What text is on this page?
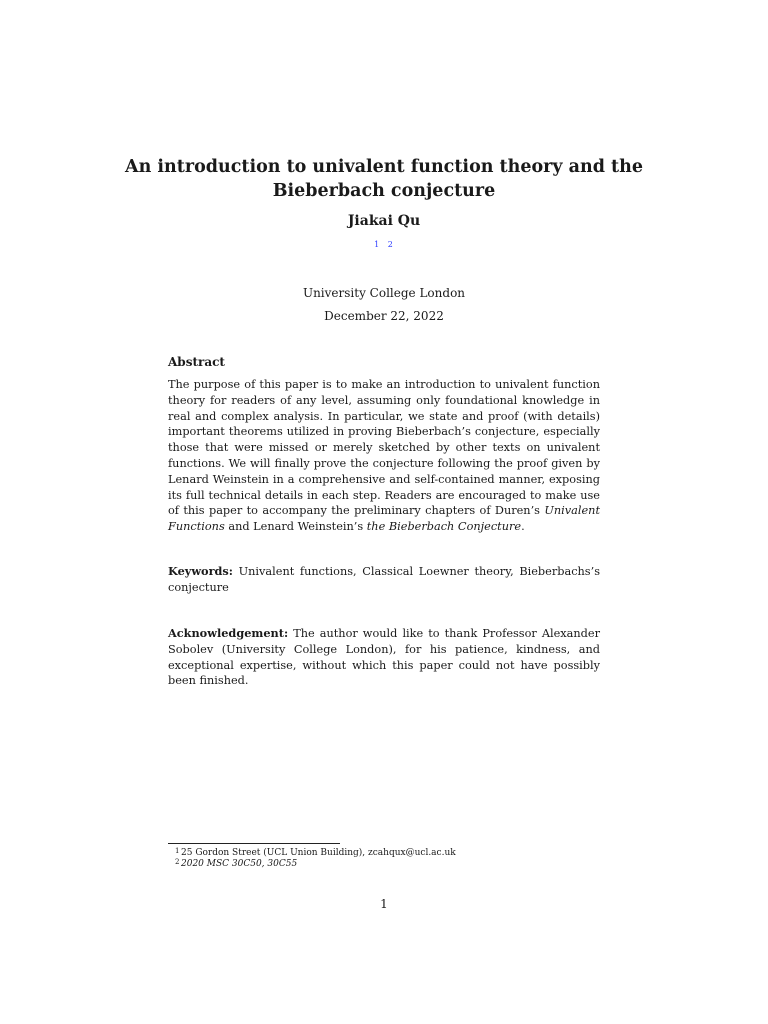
An introduction to univalent function theory and the Bieberbach conjecture
Jiakai Qu
1 2
University College London
December 22, 2022
Abstract

The purpose of this paper is to make an introduction to univalent function theory for readers of any level, assuming only foundational knowledge in real and complex analysis. In particular, we state and proof (with details) important theorems utilized in proving Bieberbach’s conjecture, especially those that were missed or merely sketched by other texts on univalent functions. We will finally prove the conjecture following the proof given by Lenard Weinstein in a comprehensive and self-contained manner, exposing its full technical details in each step. Readers are encouraged to make use of this paper to accompany the preliminary chapters of Duren’s Univalent Functions and Lenard Weinstein’s the Bieberbach Conjecture.

Keywords: Univalent functions, Classical Loewner theory, Bieberbachs’s conjecture

Acknowledgement: The author would like to thank Professor Alexander Sobolev (University College London), for his patience, kindness, and exceptional expertise, without which this paper could not have possibly been finished.

1 25 Gordon Street (UCL Union Building), zcahqux@ucl.ac.uk
2 2020 MSC 30C50, 30C55
1
